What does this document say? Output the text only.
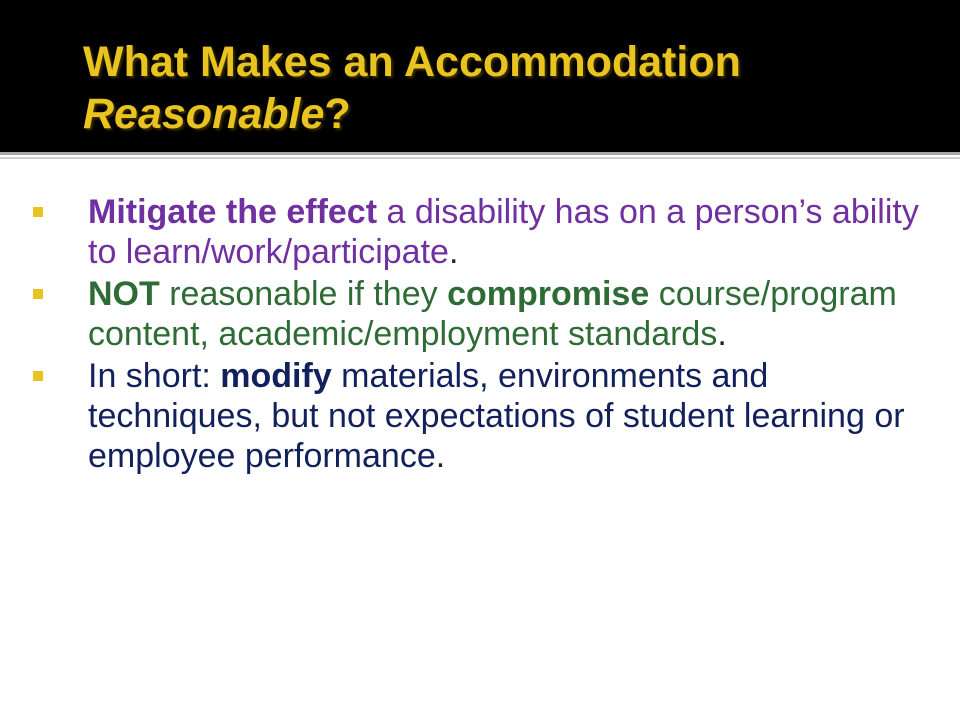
What Makes an Accommodation
Reasonable?
Mitigate the effect a disability has on a person’s ability to learn/work/participate.
NOT reasonable if they compromise course/program content, academic/employment standards.
In short: modify materials, environments and techniques, but not expectations of student learning or employee performance.
